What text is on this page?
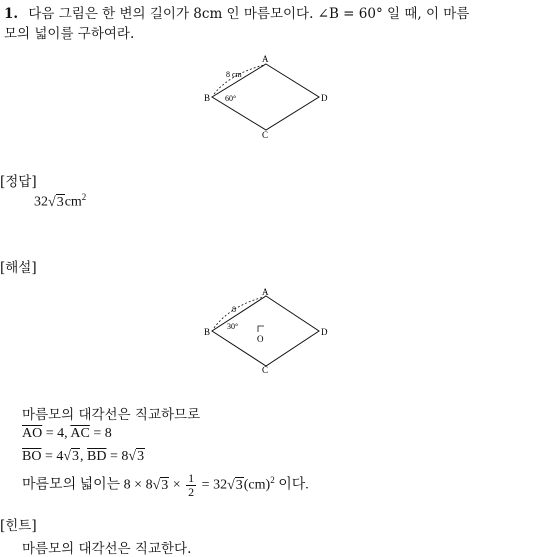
1. 다음 그림은 한 변의 길이가 8cm 인 마름모이다. ∠B = 60° 일 때, 이 마름
모의 넓이를 구하여라.
A
B
C
D
8 cm
60°
[정답]
$32√3cm^2$
[해설]
A
B
C
D
O
8
30°
마름모의 대각선은 직교하므로
$\overline{AO} = 4$, $\overline{AC} = 8$
$\overline{BO} = 4√3$, $\overline{BD} = 8√3$
마름모의 넓이는 $8 \times 8√3 \times \frac{1}{2} = 32√3(cm)^2$ 이다.
[힌트]
마름모의 대각선은 직교한다.
